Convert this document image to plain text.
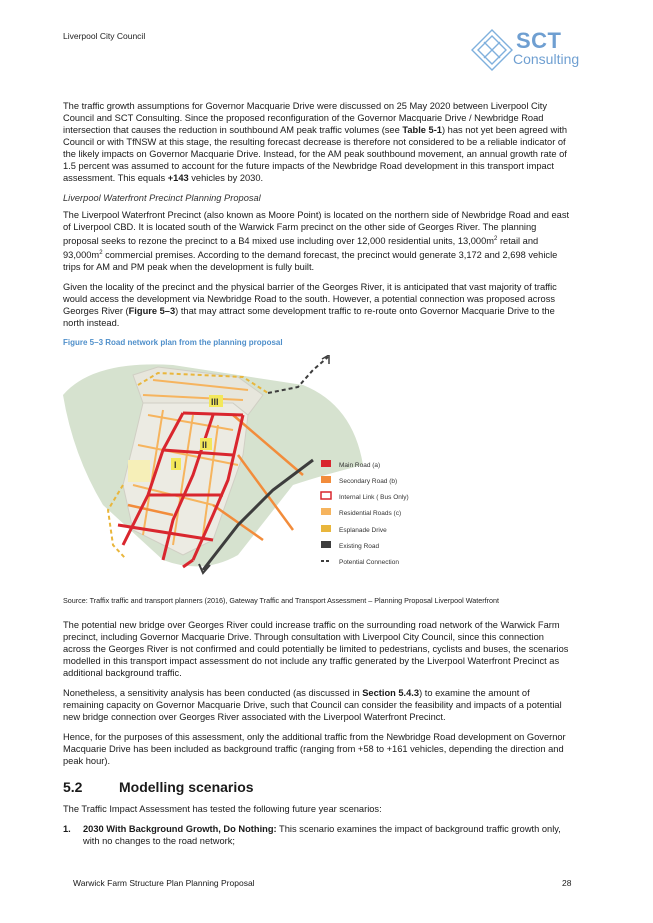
Liverpool City Council	SCT
Consulting

The traffic growth assumptions for Governor Macquarie Drive were discussed on 25 May 2020 between Liverpool City Council and SCT Consulting. Since the proposed reconfiguration of the Governor Macquarie Drive / Newbridge Road intersection that causes the reduction in southbound AM peak traffic volumes (see Table 5-1) has not yet been agreed with Council or with TfNSW at this stage, the resulting forecast decrease is therefore not considered to be a reliable indicator of the likely impacts on Governor Macquarie Drive. Instead, for the AM peak southbound movement, an annual growth rate of 1.5 percent was assumed to account for the future impacts of the Newbridge Road development in this transport impact assessment. This equals +143 vehicles by 2030.

Liverpool Waterfront Precinct Planning Proposal

The Liverpool Waterfront Precinct (also known as Moore Point) is located on the northern side of Newbridge Road and east of Liverpool CBD. It is located south of the Warwick Farm precinct on the other side of Georges River. The planning proposal seeks to rezone the precinct to a B4 mixed use including over 12,000 residential units, $13,000m^2$ retail and $93,000m^2$ commercial premises. According to the demand forecast, the precinct would generate 3,172 and 2,698 vehicle trips for AM and PM peak when the development is fully built.

Given the locality of the precinct and the physical barrier of the Georges River, it is anticipated that vast majority of traffic would access the development via Newbridge Road to the south. However, a potential connection was proposed across Georges River (Figure 5–3) that may attract some development traffic to re-route onto Governor Macquarie Drive to the north instead.

Figure 5–3 Road network plan from the planning proposal
III
II
I	Main Road (a)
Secondary Road (b)
Internal Link ( Bus Only)
Residential Roads (c)
Esplanade Drive
Existing Road
Potential Connection
Source: Traffix traffic and transport planners (2016), Gateway Traffic and Transport Assessment – Planning Proposal Liverpool Waterfront

The potential new bridge over Georges River could increase traffic on the surrounding road network of the Warwick Farm precinct, including Governor Macquarie Drive. Through consultation with Liverpool City Council, since this connection across the Georges River is not confirmed and could potentially be limited to pedestrians, cyclists and buses, the scenarios modelled in this transport impact assessment do not include any traffic generated by the Liverpool Waterfront Precinct as additional background traffic.

Nonetheless, a sensitivity analysis has been conducted (as discussed in Section 5.4.3) to examine the amount of remaining capacity on Governor Macquarie Drive, such that Council can consider the feasibility and impacts of a potential new bridge connection over Georges River associated with the Liverpool Waterfront Precinct.

Hence, for the purposes of this assessment, only the additional traffic from the Newbridge Road development on Governor Macquarie Drive has been included as background traffic (ranging from +58 to +161 vehicles, depending the direction and peak hour).

5.2	Modelling scenarios

The Traffic Impact Assessment has tested the following future year scenarios:

1.	2030 With Background Growth, Do Nothing: This scenario examines the impact of background traffic growth only, with no changes to the road network;
Warwick Farm Structure Plan Planning Proposal	28
